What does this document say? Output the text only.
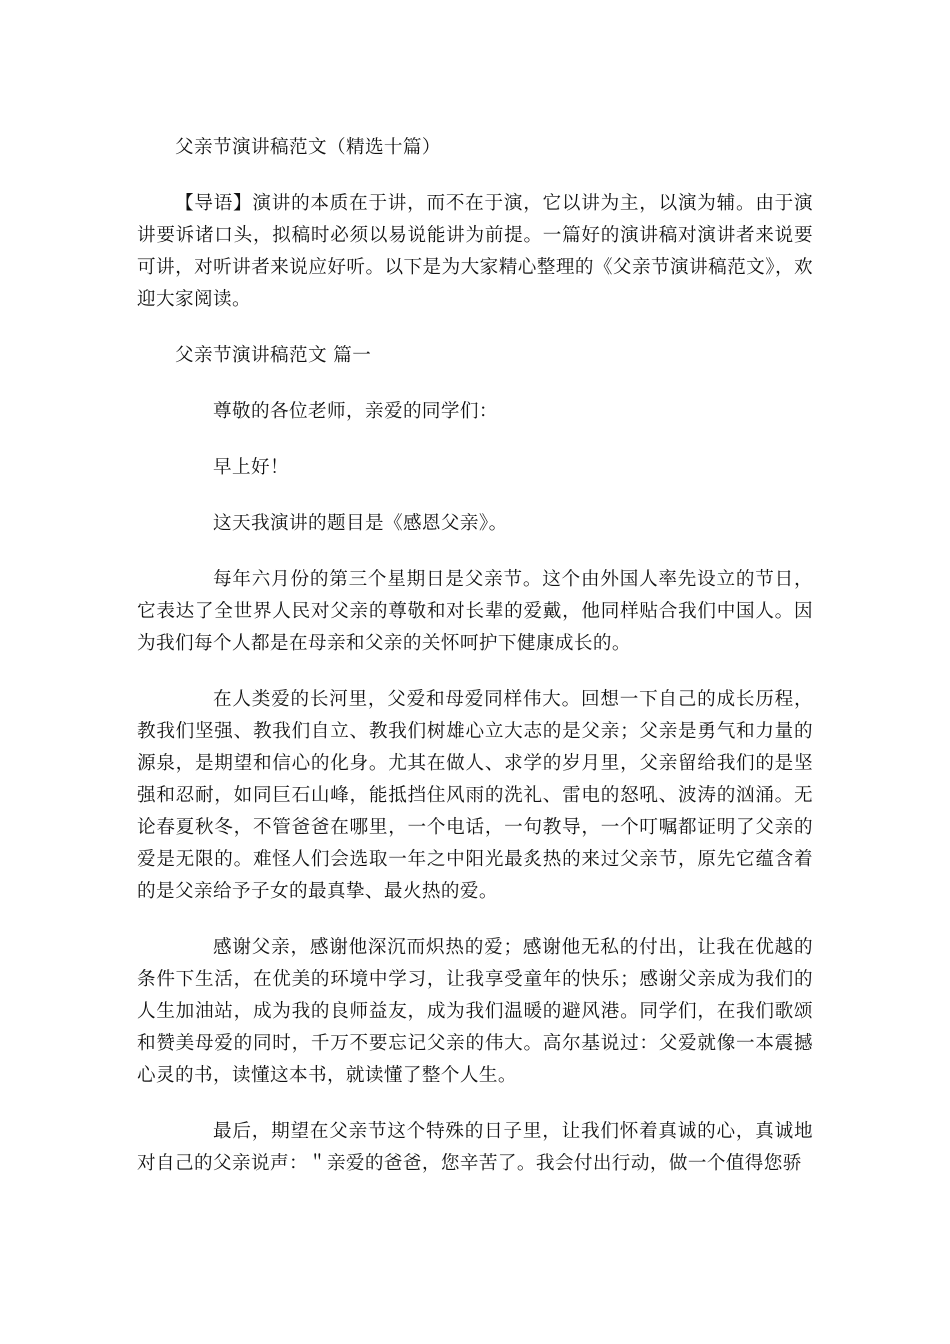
父亲节演讲稿范文（精选十篇）

【导语】演讲的本质在于讲，而不在于演，它以讲为主，以演为辅。由于演讲要诉诸口头，拟稿时必须以易说能讲为前提。一篇好的演讲稿对演讲者来说要可讲，对听讲者来说应好听。以下是为大家精心整理的《父亲节演讲稿范文》，欢迎大家阅读。

父亲节演讲稿范文 篇一

尊敬的各位老师，亲爱的同学们：

早上好！

这天我演讲的题目是《感恩父亲》。

每年六月份的第三个星期日是父亲节。这个由外国人率先设立的节日，它表达了全世界人民对父亲的尊敬和对长辈的爱戴，他同样贴合我们中国人。因为我们每个人都是在母亲和父亲的关怀呵护下健康成长的。

在人类爱的长河里，父爱和母爱同样伟大。回想一下自己的成长历程，教我们坚强、教我们自立、教我们树雄心立大志的是父亲；父亲是勇气和力量的源泉，是期望和信心的化身。尤其在做人、求学的岁月里，父亲留给我们的是坚强和忍耐，如同巨石山峰，能抵挡住风雨的洗礼、雷电的怒吼、波涛的汹涌。无论春夏秋冬，不管爸爸在哪里，一个电话，一句教导，一个叮嘱都证明了父亲的爱是无限的。难怪人们会选取一年之中阳光最炙热的来过父亲节，原先它蕴含着的是父亲给予子女的最真挚、最火热的爱。

感谢父亲，感谢他深沉而炽热的爱；感谢他无私的付出，让我在优越的条件下生活，在优美的环境中学习，让我享受童年的快乐；感谢父亲成为我们的人生加油站，成为我的良师益友，成为我们温暖的避风港。同学们，在我们歌颂和赞美母爱的同时，千万不要忘记父亲的伟大。高尔基说过：父爱就像一本震撼心灵的书，读懂这本书，就读懂了整个人生。

最后，期望在父亲节这个特殊的日子里，让我们怀着真诚的心，真诚地对自己的父亲说声：＂亲爱的爸爸，您辛苦了。我会付出行动，做一个值得您骄
